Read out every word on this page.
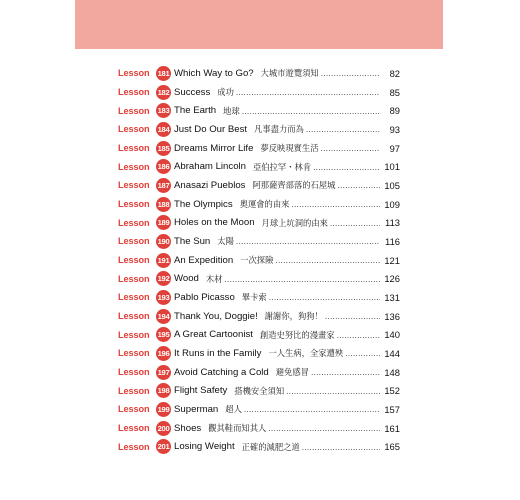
Lesson	181 Which Way to Go? 大城市遊覽須知 .....	82
Lesson	182 Success 成功 .....	85
Lesson	183 The Earth 地球 .....	89
Lesson	184 Just Do Our Best 凡事盡力而為 .....	93
Lesson	185 Dreams Mirror Life 夢反映現實生活 .....	97
Lesson	186 Abraham Lincoln 亞伯拉罕・林肯 .....	101
Lesson	187 Anasazi Pueblos 阿那薩齊部落的石屋城 .....	105
Lesson	188 The Olympics 奧運會的由來 .....	109
Lesson	189 Holes on the Moon 月球上坑洞的由來 .....	113
Lesson	190 The Sun 太陽 .....	116
Lesson	191 An Expedition 一次探險 .....	121
Lesson	192 Wood 木材 .....	126
Lesson	193 Pablo Picasso 畢卡索 .....	131
Lesson	194 Thank You, Doggie! 謝謝你，狗狗！ .....	136
Lesson	195 A Great Cartoonist 創造史努比的漫畫家 .....	140
Lesson	196 It Runs in the Family 一人生病，全家遭殃 .....	144
Lesson	197 Avoid Catching a Cold 避免感冒 .....	148
Lesson	198 Flight Safety 搭機安全須知 .....	152
Lesson	199 Superman 超人 .....	157
Lesson	200 Shoes 觀其鞋而知其人 .....	161
Lesson	201 Losing Weight 正確的減肥之道 .....	165
